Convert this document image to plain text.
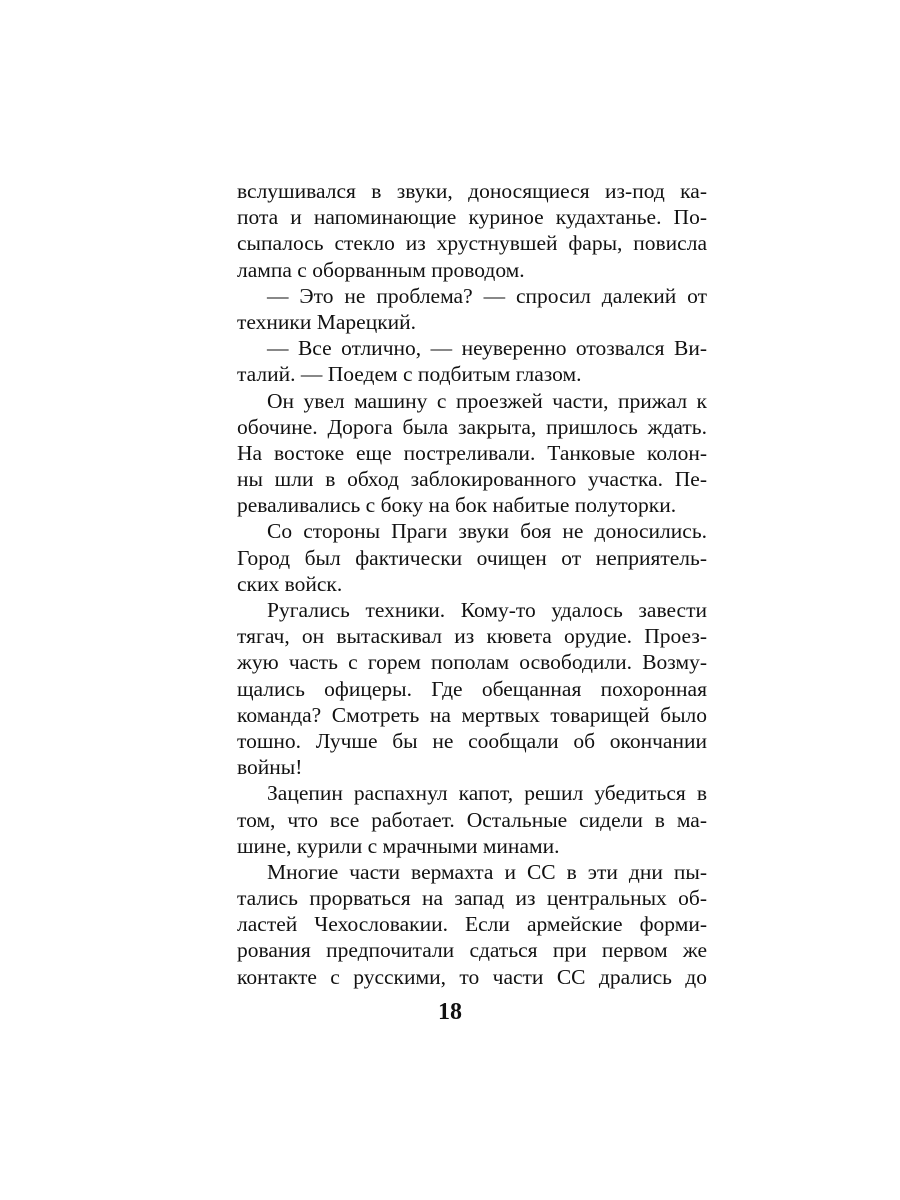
вслушивался в звуки, доносящиеся из-под ка-
пота и напоминающие куриное кудахтанье. По-
сыпалось стекло из хрустнувшей фары, повисла
лампа с оборванным проводом.
— Это не проблема? — спросил далекий от
техники Марецкий.
— Все отлично, — неуверенно отозвался Ви-
талий. — Поедем с подбитым глазом.
Он увел машину с проезжей части, прижал к
обочине. Дорога была закрыта, пришлось ждать.
На востоке еще постреливали. Танковые колон-
ны шли в обход заблокированного участка. Пе-
реваливались с боку на бок набитые полуторки.
Со стороны Праги звуки боя не доносились.
Город был фактически очищен от неприятель-
ских войск.
Ругались техники. Кому-то удалось завести
тягач, он вытаскивал из кювета орудие. Проез-
жую часть с горем пополам освободили. Возму-
щались офицеры. Где обещанная похоронная
команда? Смотреть на мертвых товарищей было
тошно. Лучше бы не сообщали об окончании
войны!
Зацепин распахнул капот, решил убедиться в
том, что все работает. Остальные сидели в ма-
шине, курили с мрачными минами.
Многие части вермахта и СС в эти дни пы-
тались прорваться на запад из центральных об-
ластей Чехословакии. Если армейские форми-
рования предпочитали сдаться при первом же
контакте с русскими, то части СС дрались до
18
